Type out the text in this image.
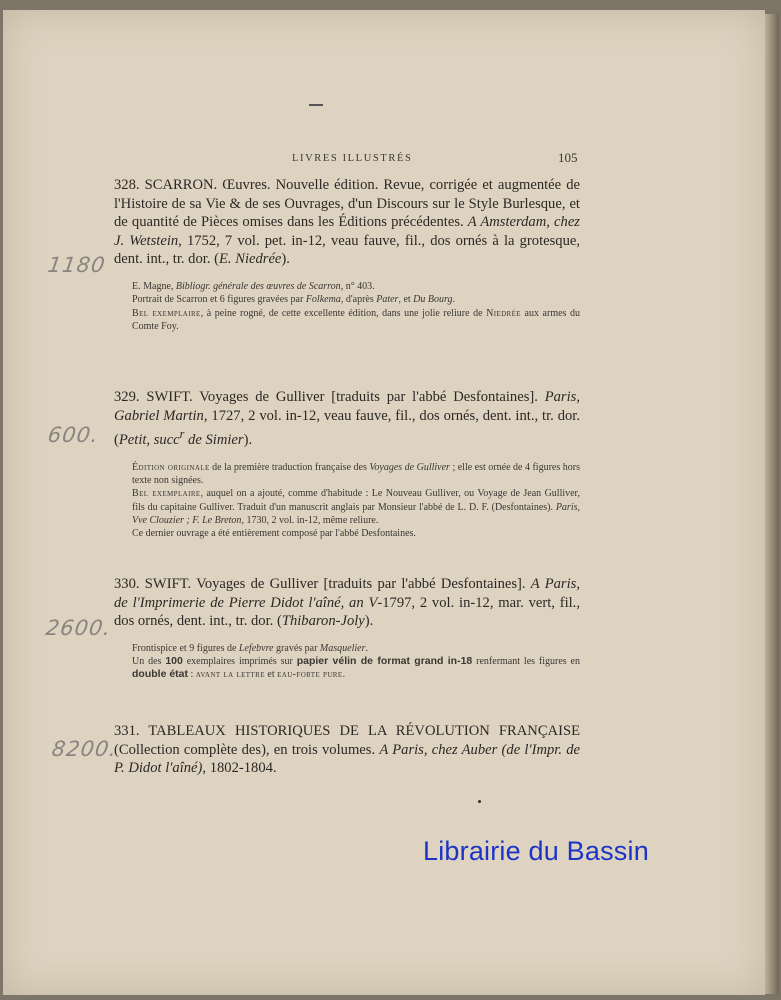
LIVRES ILLUSTRÉS	105
1180

328. SCARRON. Œuvres. Nouvelle édition. Revue, corrigée et augmentée de l'Histoire de sa Vie & de ses Ouvrages, d'un Discours sur le Style Burlesque, et de quantité de Pièces omises dans les Éditions précédentes. A Amsterdam, chez J. Wetstein, 1752, 7 vol. pet. in-12, veau fauve, fil., dos ornés à la grotesque, dent. int., tr. dor. (E. Niedrée).

E. Magne, Bibliogr. générale des œuvres de Scarron, n° 403.

Portrait de Scarron et 6 figures gravées par Folkema, d'après Pater, et Du Bourg.

Bel exemplaire, à peine rogné, de cette excellente édition, dans une jolie reliure de Niedrée aux armes du Comte Foy.

600.

329. SWIFT. Voyages de Gulliver [traduits par l'abbé Desfontaines]. Paris, Gabriel Martin, 1727, 2 vol. in-12, veau fauve, fil., dos ornés, dent. int., tr. dor. (Petit, succ$^r$ de Simier).

Édition originale de la première traduction française des Voyages de Gulliver ; elle est ornée de 4 figures hors texte non signées.

Bel exemplaire, auquel on a ajouté, comme d'habitude : Le Nouveau Gulliver, ou Voyage de Jean Gulliver, fils du capitaine Gulliver. Traduit d'un manuscrit anglais par Monsieur l'abbé de L. D. F. (Desfontaines). Paris, Vve Clouzier ; F. Le Breton, 1730, 2 vol. in-12, même reliure.

Ce dernier ouvrage a été entièrement composé par l'abbé Desfontaines.

2600.

330. SWIFT. Voyages de Gulliver [traduits par l'abbé Desfontaines]. A Paris, de l'Imprimerie de Pierre Didot l'aîné, an V-1797, 2 vol. in-12, mar. vert, fil., dos ornés, dent. int., tr. dor. (Thibaron-Joly).

Frontispice et 9 figures de Lefebvre gravés par Masquelier.

Un des 100 exemplaires imprimés sur papier vélin de format grand in-18 renfermant les figures en double état : avant la lettre et eau-forte pure.

8200.

331. TABLEAUX HISTORIQUES DE LA RÉVOLUTION FRANÇAISE (Collection complète des), en trois volumes. A Paris, chez Auber (de l'Impr. de P. Didot l'aîné), 1802-1804.

Librairie du Bassin
